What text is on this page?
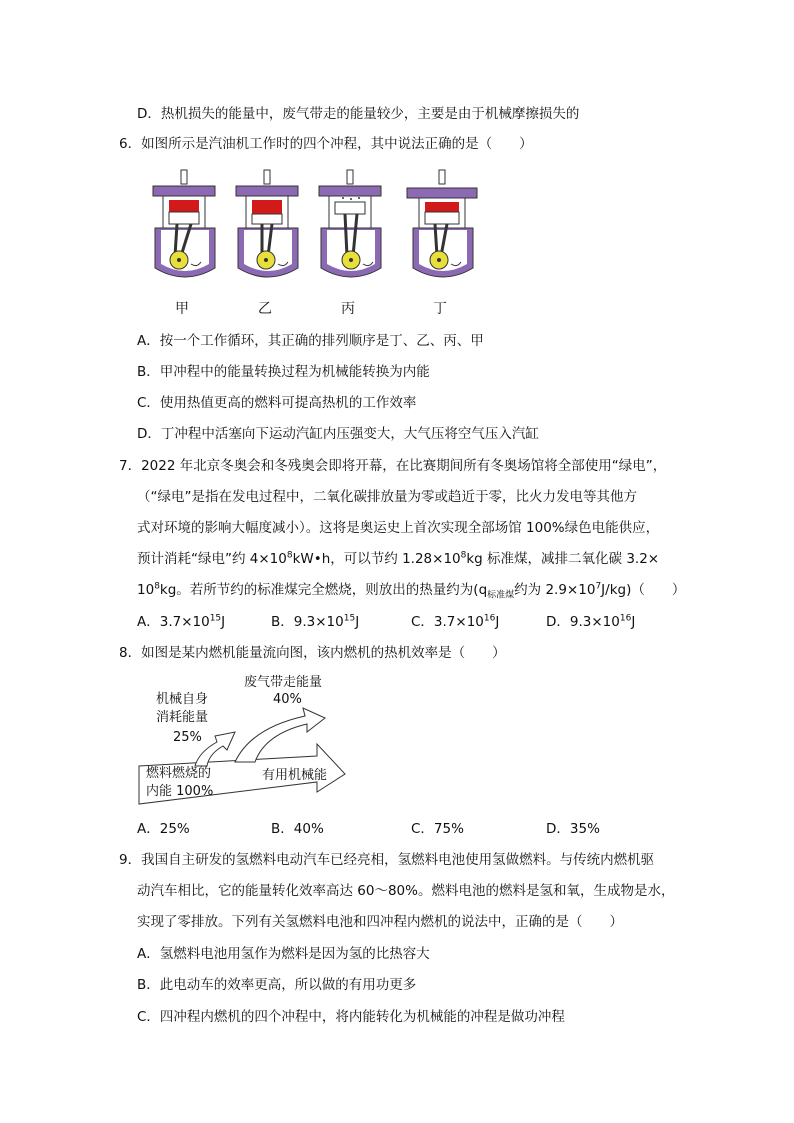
D．热机损失的能量中，废气带走的能量较少，主要是由于机械摩擦损失的
6．如图所示是汽油机工作时的四个冲程，其中说法正确的是（　　）
甲	乙	丙	丁
A．按一个工作循环，其正确的排列顺序是丁、乙、丙、甲
B．甲冲程中的能量转换过程为机械能转换为内能
C．使用热值更高的燃料可提高热机的工作效率
D．丁冲程中活塞向下运动汽缸内压强变大，大气压将空气压入汽缸
7．2022 年北京冬奥会和冬残奥会即将开幕，在比赛期间所有冬奥场馆将全部使用“绿电”，
（“绿电”是指在发电过程中，二氧化碳排放量为零或趋近于零，比火力发电等其他方
式对环境的影响大幅度减小）。这将是奥运史上首次实现全部场馆 100%绿色电能供应，
预计消耗“绿电”约 $4\times 10^8kW•h$，可以节约 $1.28\times 10^8kg$ 标准煤，减排二氧化碳 3.2×
$10^8kg$。若所节约的标准煤完全燃烧，则放出的热量约为($q_{标准煤}$约为 $2.9\times 10^7J/kg$)（　　）
A．$3.7\times 10^{15}J$	B．$9.3\times 10^{15}J$	C．$3.7\times 10^{16}J$	D．$9.3\times 10^{16}J$
8．如图是某内燃机能量流向图，该内燃机的热机效率是（　　）
废气带走能量
40%
机械自身
消耗能量
25%
燃料燃烧的
内能 100%
有用机械能
A．25%	B．40%	C．75%	D．35%
9．我国自主研发的氢燃料电动汽车已经亮相，氢燃料电池使用氢做燃料。与传统内燃机驱
动汽车相比，它的能量转化效率高达 60～80%。燃料电池的燃料是氢和氧，生成物是水，
实现了零排放。下列有关氢燃料电池和四冲程内燃机的说法中，正确的是（　　）
A．氢燃料电池用氢作为燃料是因为氢的比热容大
B．此电动车的效率更高，所以做的有用功更多
C．四冲程内燃机的四个冲程中，将内能转化为机械能的冲程是做功冲程
